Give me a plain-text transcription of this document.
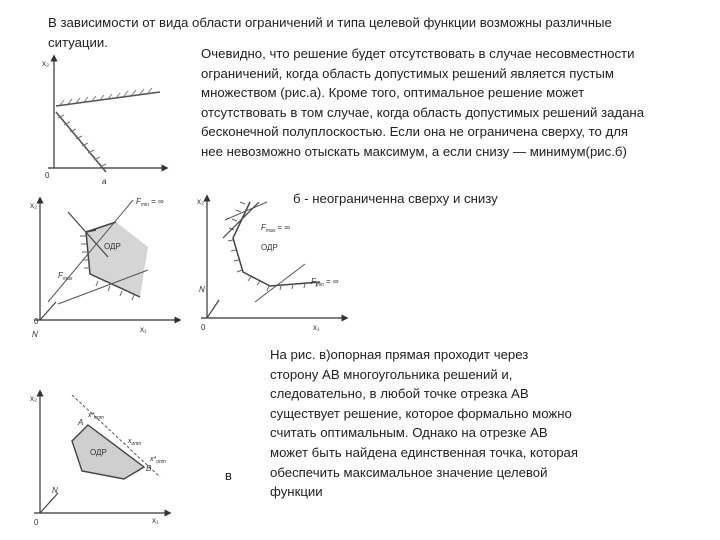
В зависимости от вида области ограничений и типа целевой функции возможны различные
ситуации.
Очевидно, что решение будет отсутствовать в случае несовместности
ограничений, когда область допустимых решений является пустым
множеством (рис.а). Кроме того, оптимальное решение может
отсутствовать в том случае, когда область допустимых решений задана
бесконечной полуплоскостью. Если она не ограничена сверху, то для
нее невозможно отыскать максимум, а если снизу — минимум(рис.б)
б - неограниченна сверху и снизу
На рис. в)опорная прямая проходит через
сторону АВ многоугольника решений и,
следовательно, в любой точке отрезка АВ
существует решение, которое формально можно
считать оптимальным. Однако на отрезке АВ
может быть найдена единственная точка, которая
обеспечить максимальное значение целевой
функции
в
x₂
0
a
x₂
x₁
0
N
ОДР
$F_{min}$ = ∞
$F_{max}$
x₂
x₁
0
N
$F_{max}$ = ∞
ОДР
$F_{min}$ = ∞
x₂
x₁
0
N
ОДР
A
B
$x*_{опт}$
$x_{опт}$
$x*_{опт}$
